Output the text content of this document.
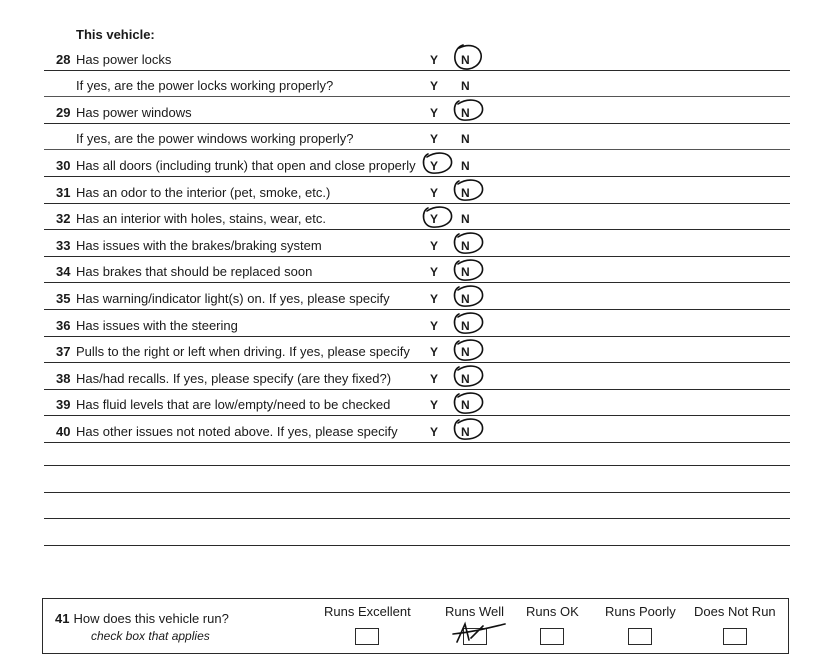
This vehicle:
28 Has power locks	Y N
If yes, are the power locks working properly?	Y N
29 Has power windows	Y N
If yes, are the power windows working properly?	Y N
30 Has all doors (including trunk) that open and close properly Y N
31 Has an odor to the interior (pet, smoke, etc.)	Y N
32 Has an interior with holes, stains, wear, etc.	Y N
33 Has issues with the brakes/braking system	Y N
34 Has brakes that should be replaced soon	Y N
35 Has warning/indicator light(s) on. If yes, please specify	Y N
36 Has issues with the steering	Y N
37 Pulls to the right or left when driving. If yes, please specify Y N
38 Has/had recalls. If yes, please specify (are they fixed?)	Y N
39 Has fluid levels that are low/empty/need to be checked	Y N
40 Has other issues not noted above. If yes, please specify	Y N
41 How does this vehicle run?
check box that applies
Runs Excellent	Runs Well Runs OK Runs Poorly Does Not Run
